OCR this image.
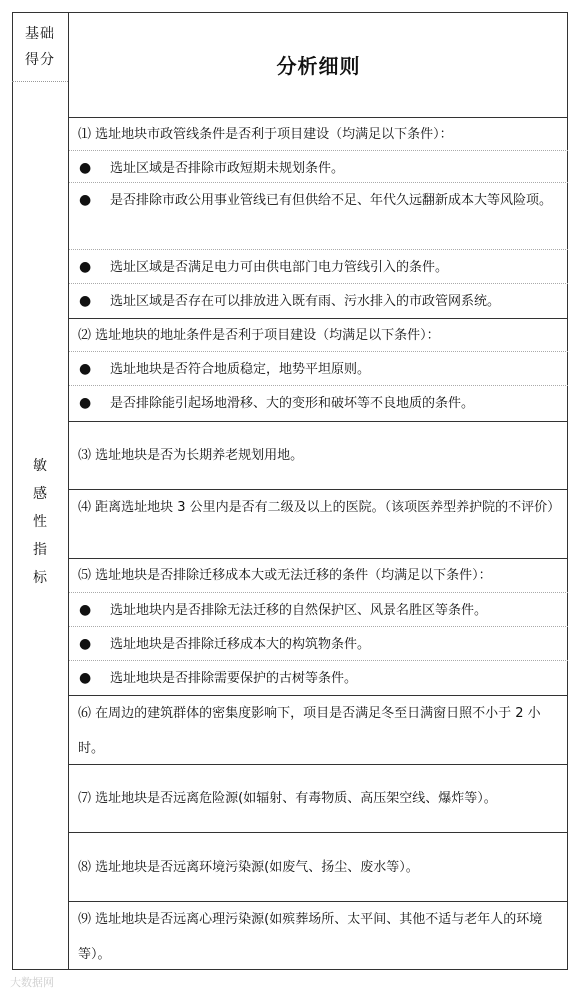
基础
得分
敏
感
性
指
标
分析细则
⑴ 选址地块市政管线条件是否利于项目建设（均满足以下条件）：
● 选址区域是否排除市政短期未规划条件。
● 是否排除市政公用事业管线已有但供给不足、年代久远翻新成本大等风险项。
● 选址区域是否满足电力可由供电部门电力管线引入的条件。
● 选址区域是否存在可以排放进入既有雨、污水排入的市政管网系统。
⑵ 选址地块的地址条件是否利于项目建设（均满足以下条件）：
● 选址地块是否符合地质稳定，地势平坦原则。
● 是否排除能引起场地滑移、大的变形和破坏等不良地质的条件。
⑶ 选址地块是否为长期养老规划用地。
⑷ 距离选址地块 3 公里内是否有二级及以上的医院。（该项医养型养护院的不评价）
⑸ 选址地块是否排除迁移成本大或无法迁移的条件（均满足以下条件）：
● 选址地块内是否排除无法迁移的自然保护区、风景名胜区等条件。
● 选址地块是否排除迁移成本大的构筑物条件。
● 选址地块是否排除需要保护的古树等条件。
⑹ 在周边的建筑群体的密集度影响下，项目是否满足冬至日满窗日照不小于 2 小时。
⑺ 选址地块是否远离危险源(如辐射、有毒物质、高压架空线、爆炸等）。
⑻ 选址地块是否远离环境污染源(如废气、扬尘、废水等）。
⑼ 选址地块是否远离心理污染源(如殡葬场所、太平间、其他不适与老年人的环境等）。
大数据网
